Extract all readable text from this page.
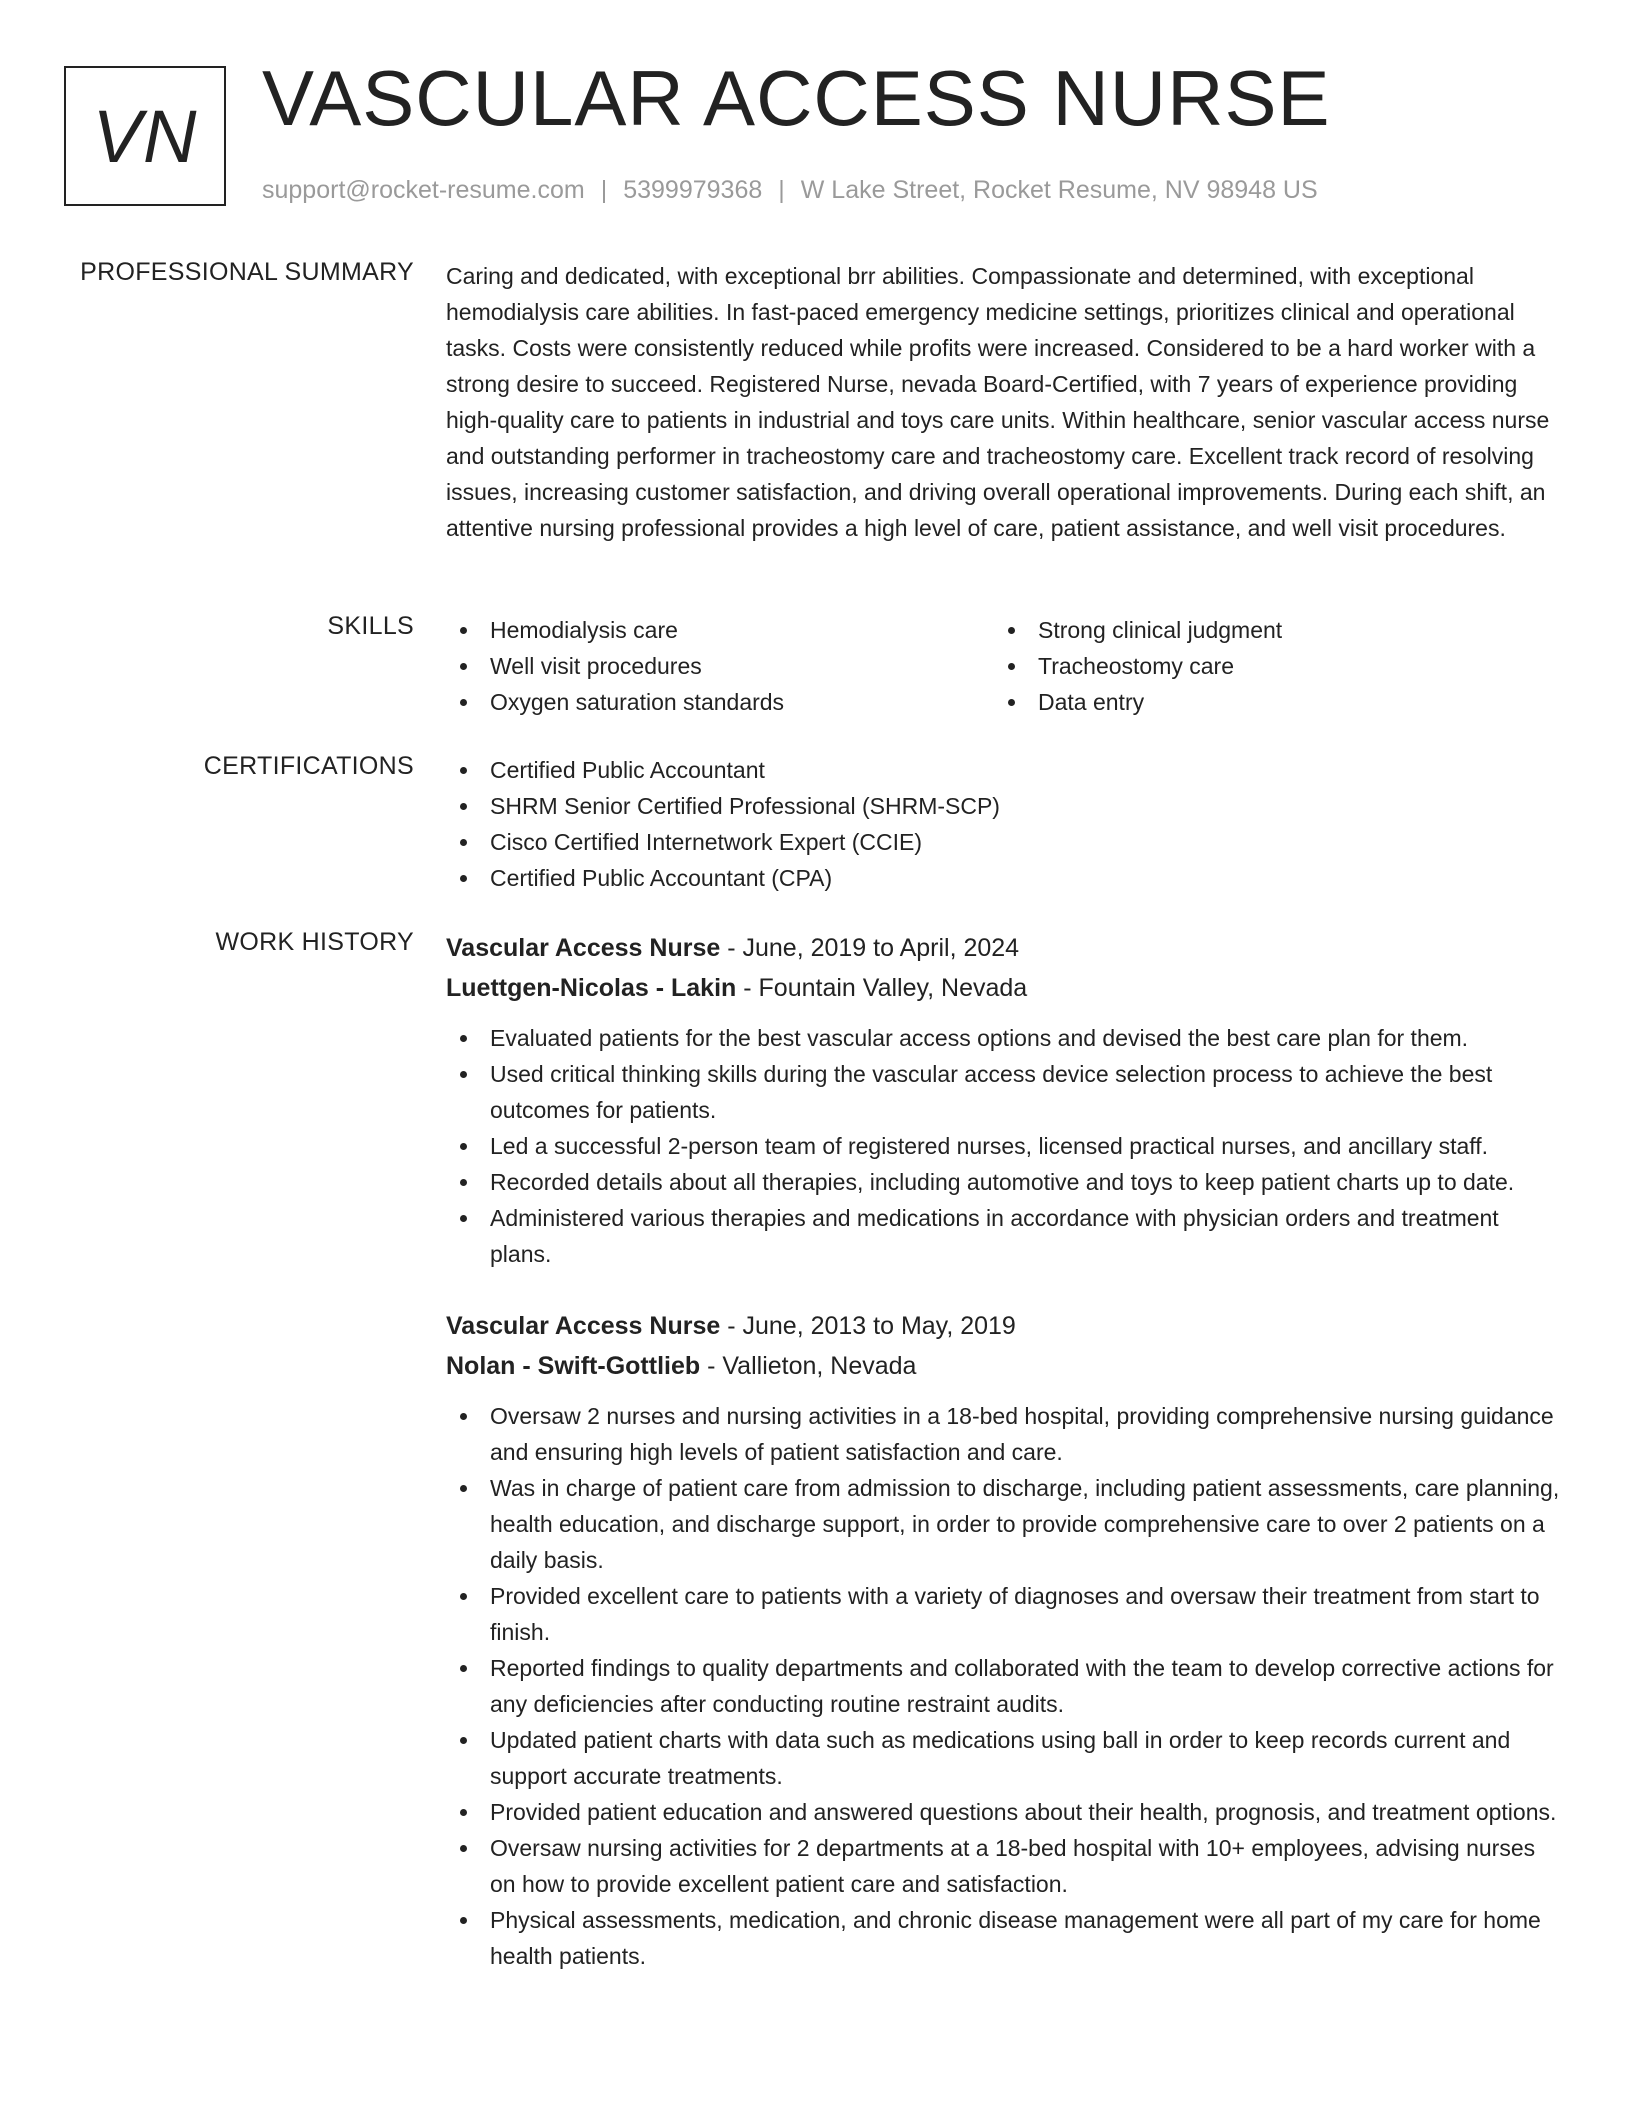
VN VASCULAR ACCESS NURSE
support@rocket-resume.com | 5399979368 | W Lake Street, Rocket Resume, NV 98948 US
PROFESSIONAL SUMMARY Caring and dedicated, with exceptional brr abilities. Compassionate and determined, with exceptional hemodialysis care abilities. In fast-paced emergency medicine settings, prioritizes clinical and operational tasks. Costs were consistently reduced while profits were increased. Considered to be a hard worker with a strong desire to succeed. Registered Nurse, nevada Board-Certified, with 7 years of experience providing high-quality care to patients in industrial and toys care units. Within healthcare, senior vascular access nurse and outstanding performer in tracheostomy care and tracheostomy care. Excellent track record of resolving issues, increasing customer satisfaction, and driving overall operational improvements. During each shift, an attentive nursing professional provides a high level of care, patient assistance, and well visit procedures.

SKILLS	Hemodialysis care	Strong clinical judgment
Well visit procedures	Tracheostomy care
Oxygen saturation standards	Data entry
CERTIFICATIONS	Certified Public Accountant
SHRM Senior Certified Professional (SHRM-SCP)
Cisco Certified Internetwork Expert (CCIE)
Certified Public Accountant (CPA)
WORK HISTORY Vascular Access Nurse - June, 2019 to April, 2024
Luettgen-Nicolas - Lakin - Fountain Valley, Nevada
Evaluated patients for the best vascular access options and devised the best care plan for them.
Used critical thinking skills during the vascular access device selection process to achieve the best outcomes for patients.
Led a successful 2-person team of registered nurses, licensed practical nurses, and ancillary staff.
Recorded details about all therapies, including automotive and toys to keep patient charts up to date.
Administered various therapies and medications in accordance with physician orders and treatment plans.
Vascular Access Nurse - June, 2013 to May, 2019
Nolan - Swift-Gottlieb - Vallieton, Nevada
Oversaw 2 nurses and nursing activities in a 18-bed hospital, providing comprehensive nursing guidance and ensuring high levels of patient satisfaction and care.
Was in charge of patient care from admission to discharge, including patient assessments, care planning, health education, and discharge support, in order to provide comprehensive care to over 2 patients on a daily basis.
Provided excellent care to patients with a variety of diagnoses and oversaw their treatment from start to finish.
Reported findings to quality departments and collaborated with the team to develop corrective actions for any deficiencies after conducting routine restraint audits.
Updated patient charts with data such as medications using ball in order to keep records current and support accurate treatments.
Provided patient education and answered questions about their health, prognosis, and treatment options.
Oversaw nursing activities for 2 departments at a 18-bed hospital with 10+ employees, advising nurses on how to provide excellent patient care and satisfaction.
Physical assessments, medication, and chronic disease management were all part of my care for home health patients.
